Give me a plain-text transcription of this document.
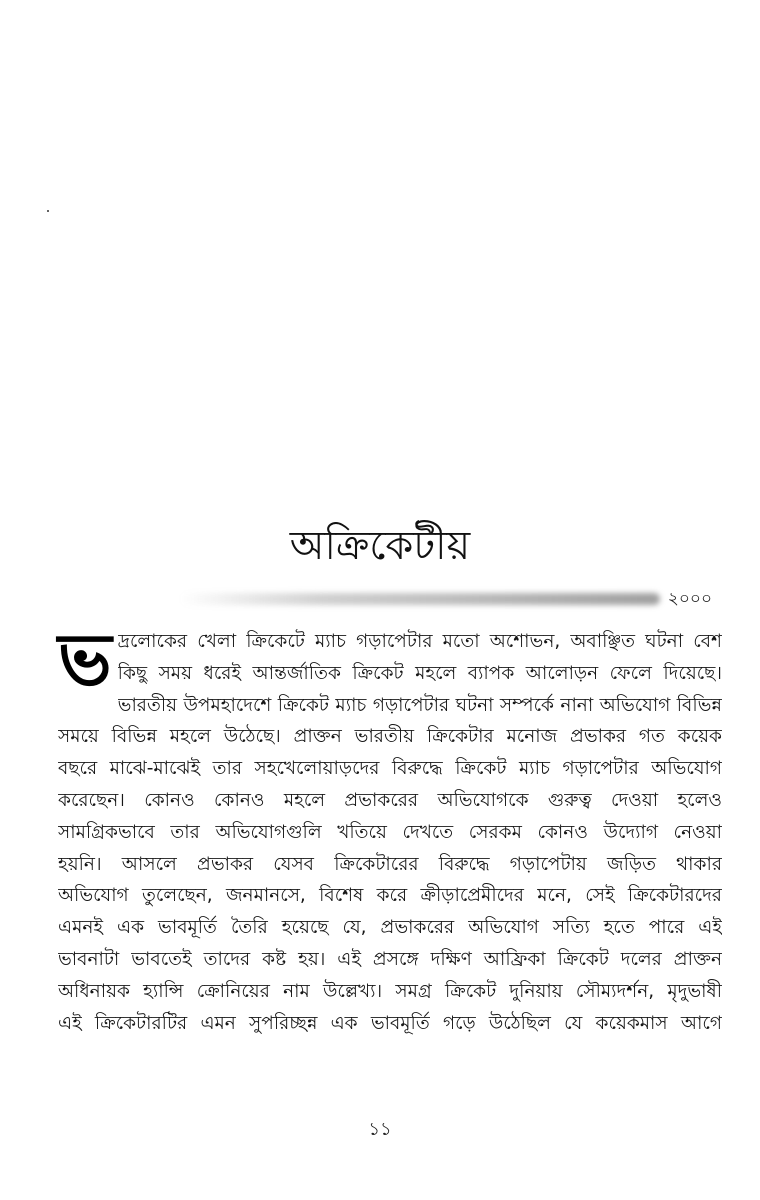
অক্রিকেটীয়
২০০০
ভ দ্রলোকের খেলা ক্রিকেটে ম্যাচ গড়াপেটার মতো অশোভন, অবাঞ্ছিত ঘটনা বেশ
কিছু সময় ধরেই আন্তর্জাতিক ক্রিকেট মহলে ব্যাপক আলোড়ন ফেলে দিয়েছে।
ভারতীয় উপমহাদেশে ক্রিকেট ম্যাচ গড়াপেটার ঘটনা সম্পর্কে নানা অভিযোগ বিভিন্ন
সময়ে বিভিন্ন মহলে উঠেছে। প্রাক্তন ভারতীয় ক্রিকেটার মনোজ প্রভাকর গত কয়েক
বছরে মাঝে-মাঝেই তার সহখেলোয়াড়দের বিরুদ্ধে ক্রিকেট ম্যাচ গড়াপেটার অভিযোগ
করেছেন। কোনও কোনও মহলে প্রভাকরের অভিযোগকে গুরুত্ব দেওয়া হলেও
সামগ্রিকভাবে তার অভিযোগগুলি খতিয়ে দেখতে সেরকম কোনও উদ্যোগ নেওয়া
হয়নি। আসলে প্রভাকর যেসব ক্রিকেটারের বিরুদ্ধে গড়াপেটায় জড়িত থাকার
অভিযোগ তুলেছেন, জনমানসে, বিশেষ করে ক্রীড়াপ্রেমীদের মনে, সেই ক্রিকেটারদের
এমনই এক ভাবমূর্তি তৈরি হয়েছে যে, প্রভাকরের অভিযোগ সত্যি হতে পারে এই
ভাবনাটা ভাবতেই তাদের কষ্ট হয়। এই প্রসঙ্গে দক্ষিণ আফ্রিকা ক্রিকেট দলের প্রাক্তন
অধিনায়ক হ্যান্সি ক্রোনিয়ের নাম উল্লেখ্য। সমগ্র ক্রিকেট দুনিয়ায় সৌম্যদর্শন, মৃদুভাষী
এই ক্রিকেটারটির এমন সুপরিচ্ছন্ন এক ভাবমূর্তি গড়ে উঠেছিল যে কয়েকমাস আগে
১১
